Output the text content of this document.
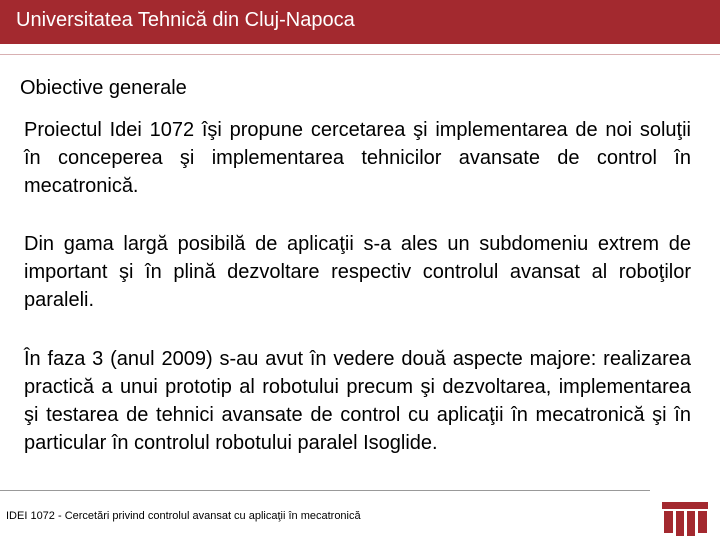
Universitatea Tehnică din Cluj-Napoca
Obiective generale

Proiectul Idei 1072 îşi propune cercetarea şi implementarea de noi soluţii în conceperea şi implementarea tehnicilor avansate de control în mecatronică.

Din gama largă posibilă de aplicaţii s-a ales un subdomeniu extrem de important şi în plină dezvoltare respectiv controlul avansat al roboţilor paraleli.

În faza 3 (anul 2009) s-au avut în vedere două aspecte majore: realizarea practică a unui prototip al robotului precum şi dezvoltarea, implementarea şi testarea de tehnici avansate de control cu aplicaţii în mecatronică şi în particular în controlul robotului paralel Isoglide.

IDEI 1072 - Cercetări privind controlul avansat cu aplicaţii în mecatronică
